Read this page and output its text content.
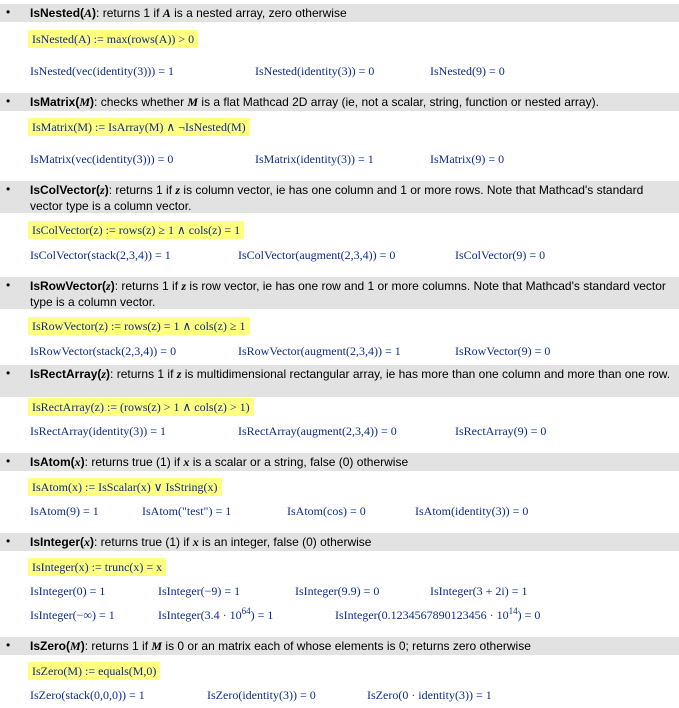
• IsNested(A): returns 1 if A is a nested array, zero otherwise
IsNested(A) := max(rows(A)) > 0
IsNested(vec(identity(3))) = 1	IsNested(identity(3)) = 0	IsNested(9) = 0
• IsMatrix(M): checks whether M is a flat Mathcad 2D array (ie, not a scalar, string, function or nested array).
IsMatrix(M) := IsArray(M) ∧ ¬IsNested(M)
IsMatrix(vec(identity(3))) = 0	IsMatrix(identity(3)) = 1	IsMatrix(9) = 0
• IsColVector(z): returns 1 if z is column vector, ie has one column and 1 or more rows. Note that Mathcad's standard vector type is a column vector.
IsColVector(z) := rows(z) ≥ 1 ∧ cols(z) = 1
IsColVector(stack(2,3,4)) = 1	IsColVector(augment(2,3,4)) = 0	IsColVector(9) = 0
• IsRowVector(z): returns 1 if z is row vector, ie has one row and 1 or more columns. Note that Mathcad's standard vector type is a column vector.
IsRowVector(z) := rows(z) = 1 ∧ cols(z) ≥ 1
IsRowVector(stack(2,3,4)) = 0	IsRowVector(augment(2,3,4)) = 1	IsRowVector(9) = 0
• IsRectArray(z): returns 1 if z is multidimensional rectangular array, ie has more than one column and more than one row.
IsRectArray(z) := (rows(z) > 1 ∧ cols(z) > 1)
IsRectArray(identity(3)) = 1	IsRectArray(augment(2,3,4)) = 0	IsRectArray(9) = 0
• IsAtom(x): returns true (1) if x is a scalar or a string, false (0) otherwise
IsAtom(x) := IsScalar(x) ∨ IsString(x)
IsAtom(9) = 1	IsAtom("test") = 1	IsAtom(cos) = 0	IsAtom(identity(3)) = 0
• IsInteger(x): returns true (1) if x is an integer, false (0) otherwise
IsInteger(x) := trunc(x) = x
IsInteger(0) = 1	IsInteger(−9) = 1	IsInteger(9.9) = 0	IsInteger(3 + 2i) = 1
IsInteger(−∞) = 1	IsInteger(3.4 · $10^{64}) = 1$	IsInteger(0.1234567890123456 · $10^{14}) = 0$
• IsZero(M): returns 1 if M is 0 or an matrix each of whose elements is 0; returns zero otherwise
IsZero(M) := equals(M,0)
IsZero(stack(0,0,0)) = 1	IsZero(identity(3)) = 0	IsZero(0 · identity(3)) = 1
